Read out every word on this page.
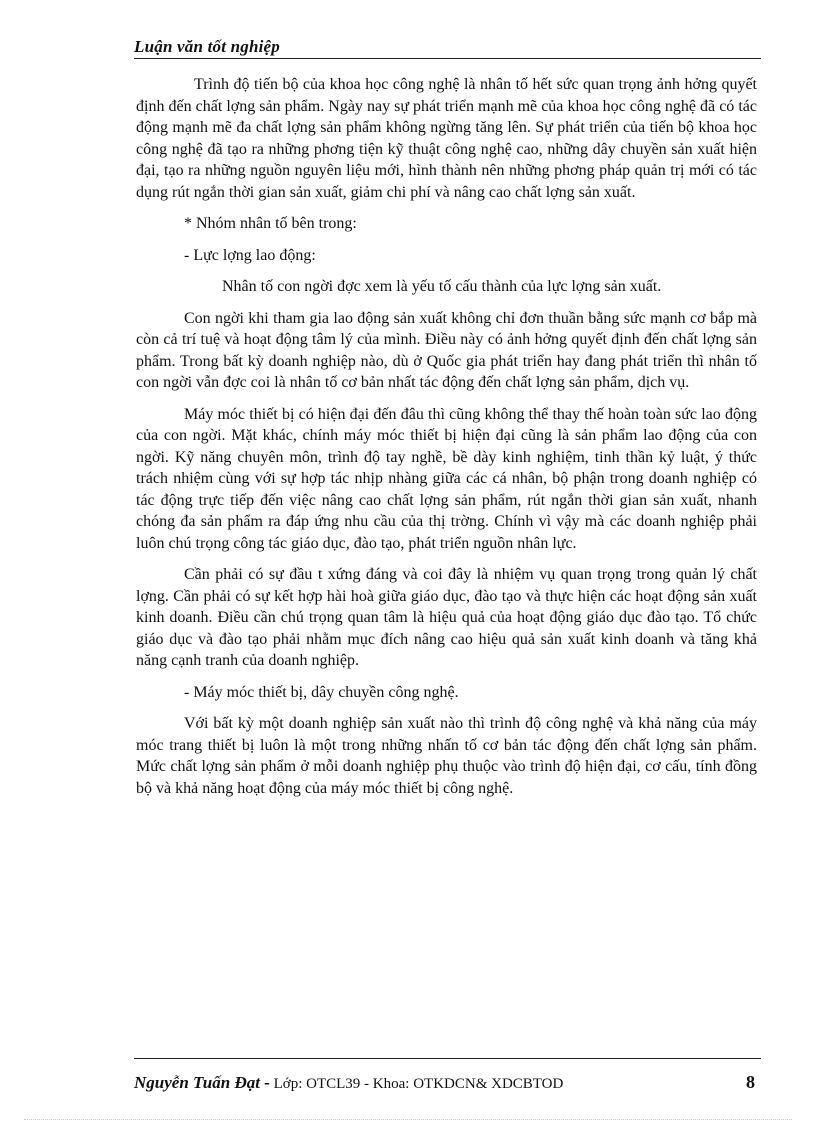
Luận văn tốt nghiệp

Trình độ tiến bộ của khoa học công nghệ là nhân tố hết sức quan trọng ảnh hởng quyết định đến chất lợng sản phẩm. Ngày nay sự phát triển mạnh mẽ của khoa học công nghệ đã có tác động mạnh mẽ đa chất lợng sản phẩm không ngừng tăng lên. Sự phát triển của tiến bộ khoa học công nghệ đã tạo ra những phơng tiện kỹ thuật công nghệ cao, những dây chuyền sản xuất hiện đại, tạo ra những nguồn nguyên liệu mới, hình thành nên những phơng pháp quản trị mới có tác dụng rút ngắn thời gian sản xuất, giảm chi phí và nâng cao chất lợng sản xuất.

* Nhóm nhân tố bên trong:

- Lực lợng lao động:

Nhân tố con ngời đợc xem là yếu tố cấu thành của lực lợng sản xuất.

Con ngời khi tham gia lao động sản xuất không chỉ đơn thuần bằng sức mạnh cơ bắp mà còn cả trí tuệ và hoạt động tâm lý của mình. Điều này có ảnh hởng quyết định đến chất lợng sản phẩm. Trong bất kỳ doanh nghiệp nào, dù ở Quốc gia phát triển hay đang phát triển thì nhân tố con ngời vẫn đợc coi là nhân tố cơ bản nhất tác động đến chất lợng sản phẩm, dịch vụ.

Máy móc thiết bị có hiện đại đến đâu thì cũng không thể thay thế hoàn toàn sức lao động của con ngời. Mặt khác, chính máy móc thiết bị hiện đại cũng là sản phẩm lao động của con ngời. Kỹ năng chuyên môn, trình độ tay nghề, bề dày kinh nghiệm, tinh thần kỷ luật, ý thức trách nhiệm cùng với sự hợp tác nhịp nhàng giữa các cá nhân, bộ phận trong doanh nghiệp có tác động trực tiếp đến việc nâng cao chất lợng sản phẩm, rút ngắn thời gian sản xuất, nhanh chóng đa sản phẩm ra đáp ứng nhu cầu của thị trờng. Chính vì vậy mà các doanh nghiệp phải luôn chú trọng công tác giáo dục, đào tạo, phát triển nguồn nhân lực.

Cần phải có sự đầu t xứng đáng và coi đây là nhiệm vụ quan trọng trong quản lý chất lợng. Cần phải có sự kết hợp hài hoà giữa giáo dục, đào tạo và thực hiện các hoạt động sản xuất kinh doanh. Điều cần chú trọng quan tâm là hiệu quả của hoạt động giáo dục đào tạo. Tổ chức giáo dục và đào tạo phải nhằm mục đích nâng cao hiệu quả sản xuất kinh doanh và tăng khả năng cạnh tranh của doanh nghiệp.

- Máy móc thiết bị, dây chuyền công nghệ.

Với bất kỳ một doanh nghiệp sản xuất nào thì trình độ công nghệ và khả năng của máy móc trang thiết bị luôn là một trong những nhấn tố cơ bản tác động đến chất lợng sản phẩm. Mức chất lợng sản phẩm ở mỗi doanh nghiệp phụ thuộc vào trình độ hiện đại, cơ cấu, tính đồng bộ và khả năng hoạt động của máy móc thiết bị công nghệ.

Nguyễn Tuấn Đạt - Lớp: OTCL39 - Khoa: OTKDCN& XDCBTOD	8
